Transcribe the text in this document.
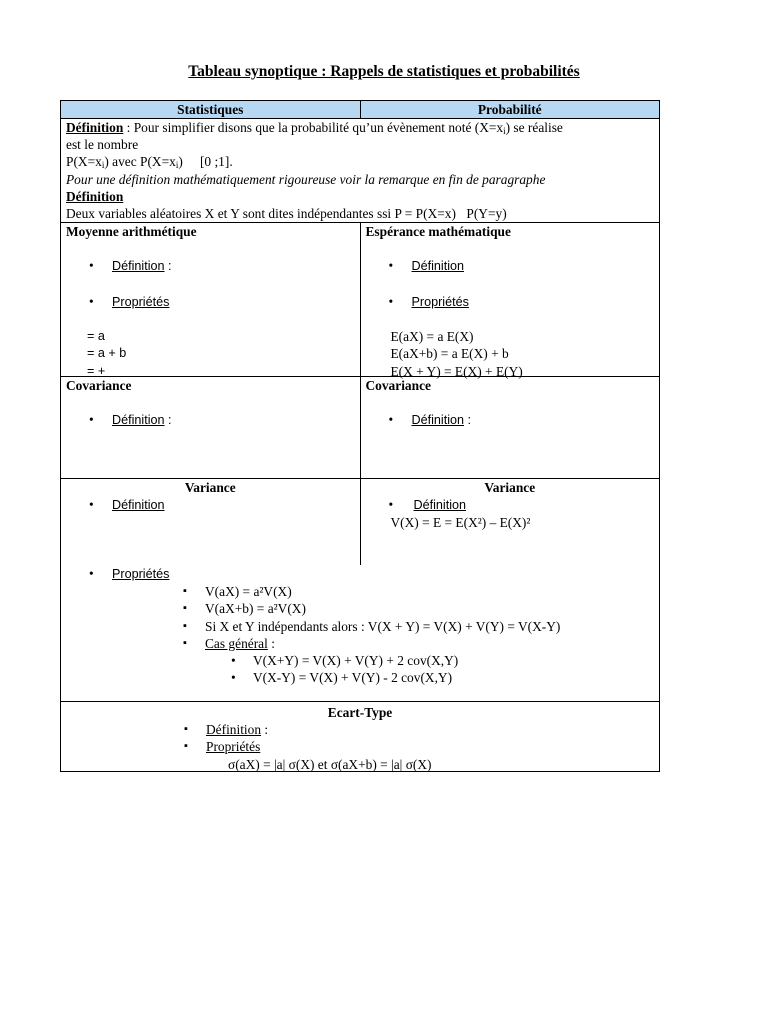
Tableau synoptique : Rappels de statistiques et probabilités
Statistiques	Probabilité
Définition : Pour simplifier disons que la probabilité qu’un évènement noté $(X=x_i)$ se réalise
est le nombre
$P(X=x_i)$ avec $P(X=x_i)$   [0 ;1].
Pour une définition mathématiquement rigoureuse voir la remarque en fin de paragraphe
Définition
Deux variables aléatoires X et Y sont dites indépendantes ssi P = P(X=x) P(Y=y)
Moyenne arithmétique

• Définition :

• Propriétés

= a
= a + b
= +
Espérance mathématique

• Définition

• Propriétés

E(aX) = a E(X)
E(aX+b) = a E(X) + b
E(X + Y) = E(X) + E(Y)
Covariance

• Définition :
Covariance

• Définition :
Variance
• Définition
Variance
• Définition
V(X) = E = E(X²) – E(X)²
• Propriétés
▪ V(aX) = a²V(X)
▪ V(aX+b) = a²V(X)
▪ Si X et Y indépendants alors : V(X + Y) = V(X) + V(Y) = V(X-Y)
▪ Cas général :
• V(X+Y) = V(X) + V(Y) + 2 cov(X,Y)
• V(X-Y) = V(X) + V(Y) - 2 cov(X,Y)
Ecart-Type
▪ Définition :
▪ Propriétés
σ(aX) = |a| σ(X) et σ(aX+b) = |a| σ(X)
